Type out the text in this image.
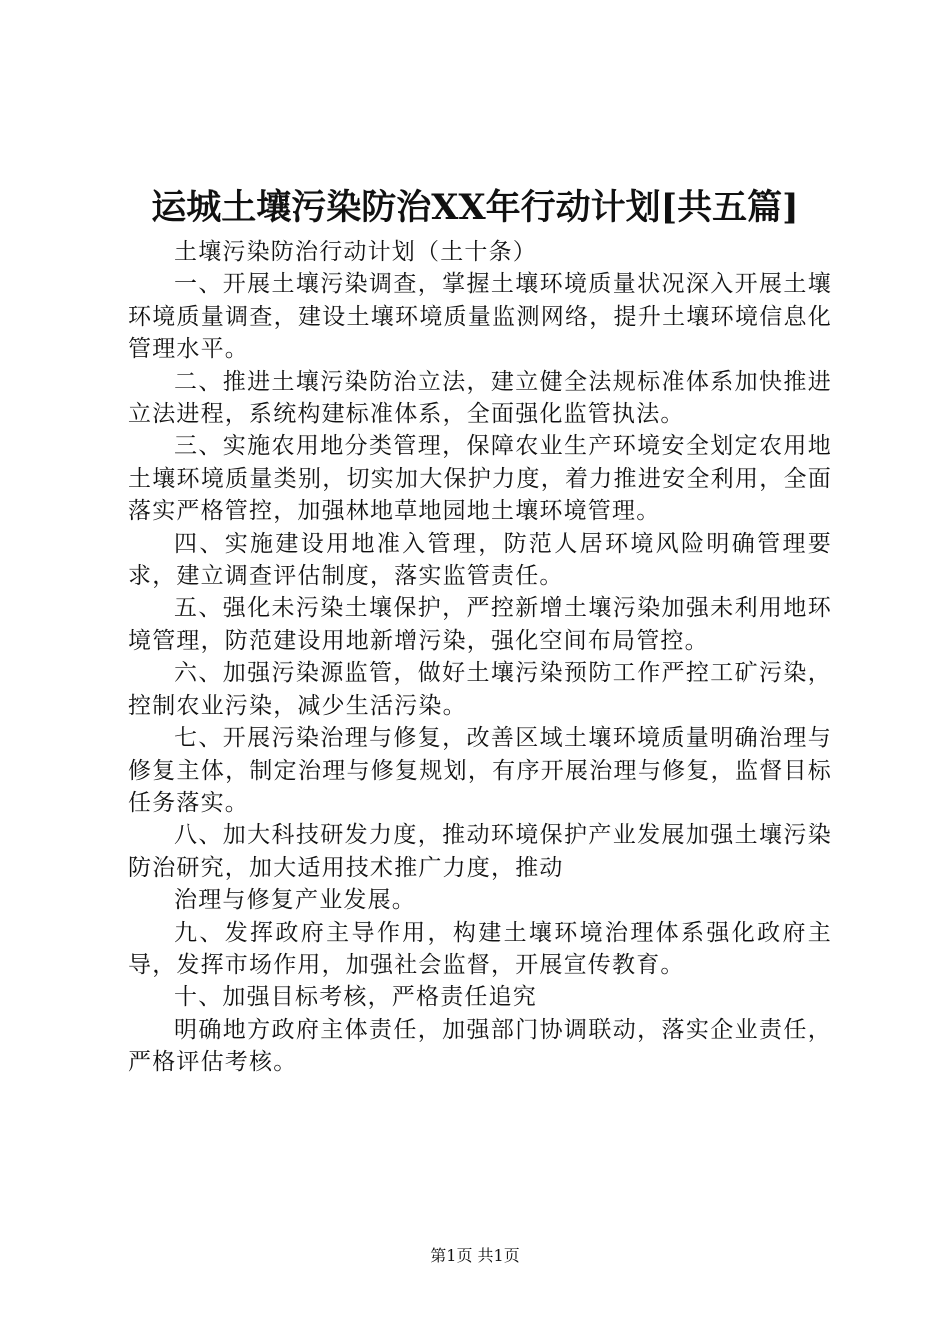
运城土壤污染防治XX年行动计划[共五篇]

土壤污染防治行动计划（土十条）

一、开展土壤污染调查，掌握土壤环境质量状况深入开展土壤环境质量调查，建设土壤环境质量监测网络，提升土壤环境信息化管理水平。

二、推进土壤污染防治立法，建立健全法规标准体系加快推进立法进程，系统构建标准体系，全面强化监管执法。

三、实施农用地分类管理，保障农业生产环境安全划定农用地土壤环境质量类别，切实加大保护力度，着力推进安全利用，全面落实严格管控，加强林地草地园地土壤环境管理。

四、实施建设用地准入管理，防范人居环境风险明确管理要求，建立调查评估制度，落实监管责任。

五、强化未污染土壤保护，严控新增土壤污染加强未利用地环境管理，防范建设用地新增污染，强化空间布局管控。

六、加强污染源监管，做好土壤污染预防工作严控工矿污染，控制农业污染，减少生活污染。

七、开展污染治理与修复，改善区域土壤环境质量明确治理与修复主体，制定治理与修复规划，有序开展治理与修复，监督目标任务落实。

八、加大科技研发力度，推动环境保护产业发展加强土壤污染防治研究，加大适用技术推广力度，推动

治理与修复产业发展。

九、发挥政府主导作用，构建土壤环境治理体系强化政府主导，发挥市场作用，加强社会监督，开展宣传教育。

十、加强目标考核，严格责任追究

明确地方政府主体责任，加强部门协调联动，落实企业责任，严格评估考核。

第1页 共1页
